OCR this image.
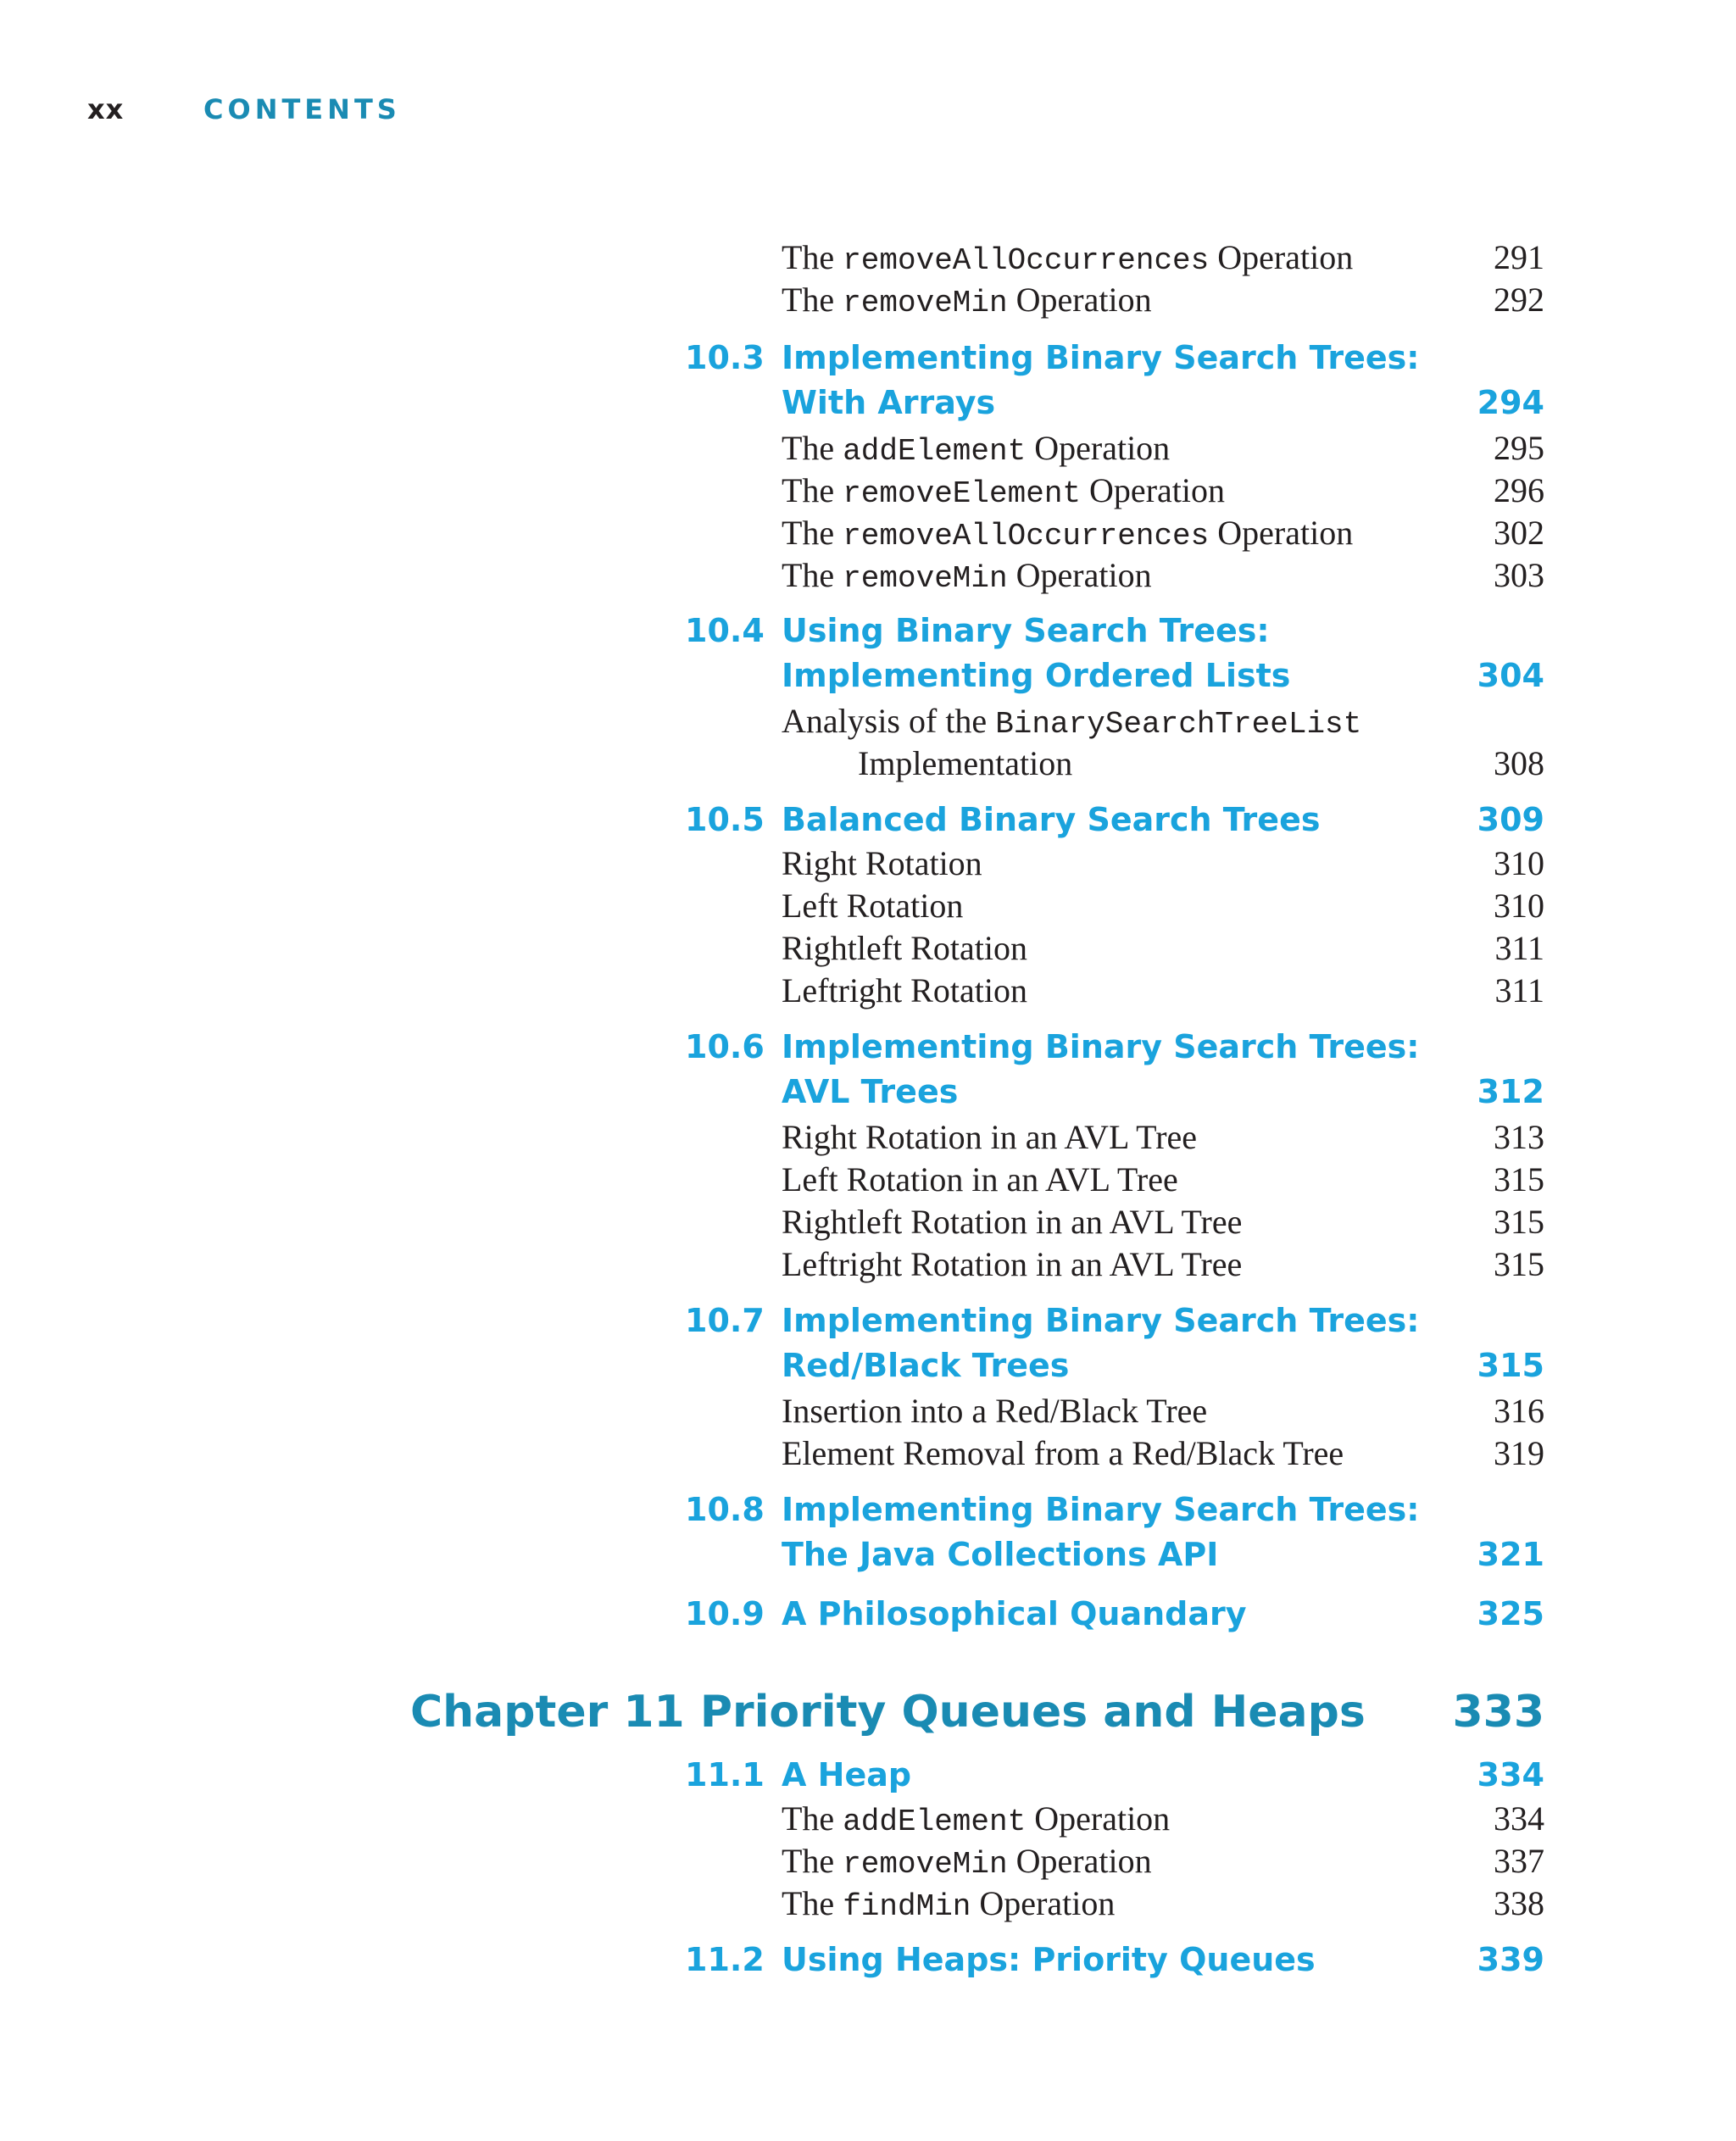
xx	CONTENTS
The removeAllOccurrences Operation	291
The removeMin Operation	292
10.3 Implementing Binary Search Trees:
With Arrays	294
The addElement Operation	295
The removeElement Operation	296
The removeAllOccurrences Operation	302
The removeMin Operation	303
10.4 Using Binary Search Trees:
Implementing Ordered Lists	304
Analysis of the BinarySearchTreeList
Implementation	308
10.5 Balanced Binary Search Trees	309
Right Rotation	310
Left Rotation	310
Rightleft Rotation	311
Leftright Rotation	311
10.6 Implementing Binary Search Trees:
AVL Trees	312
Right Rotation in an AVL Tree	313
Left Rotation in an AVL Tree	315
Rightleft Rotation in an AVL Tree	315
Leftright Rotation in an AVL Tree	315
10.7 Implementing Binary Search Trees:
Red/Black Trees	315
Insertion into a Red/Black Tree	316
Element Removal from a Red/Black Tree	319
10.8 Implementing Binary Search Trees:
The Java Collections API	321
10.9 A Philosophical Quandary	325
Chapter 11 Priority Queues and Heaps 333
11.1 A Heap	334
The addElement Operation	334
The removeMin Operation	337
The findMin Operation	338
11.2 Using Heaps: Priority Queues	339
